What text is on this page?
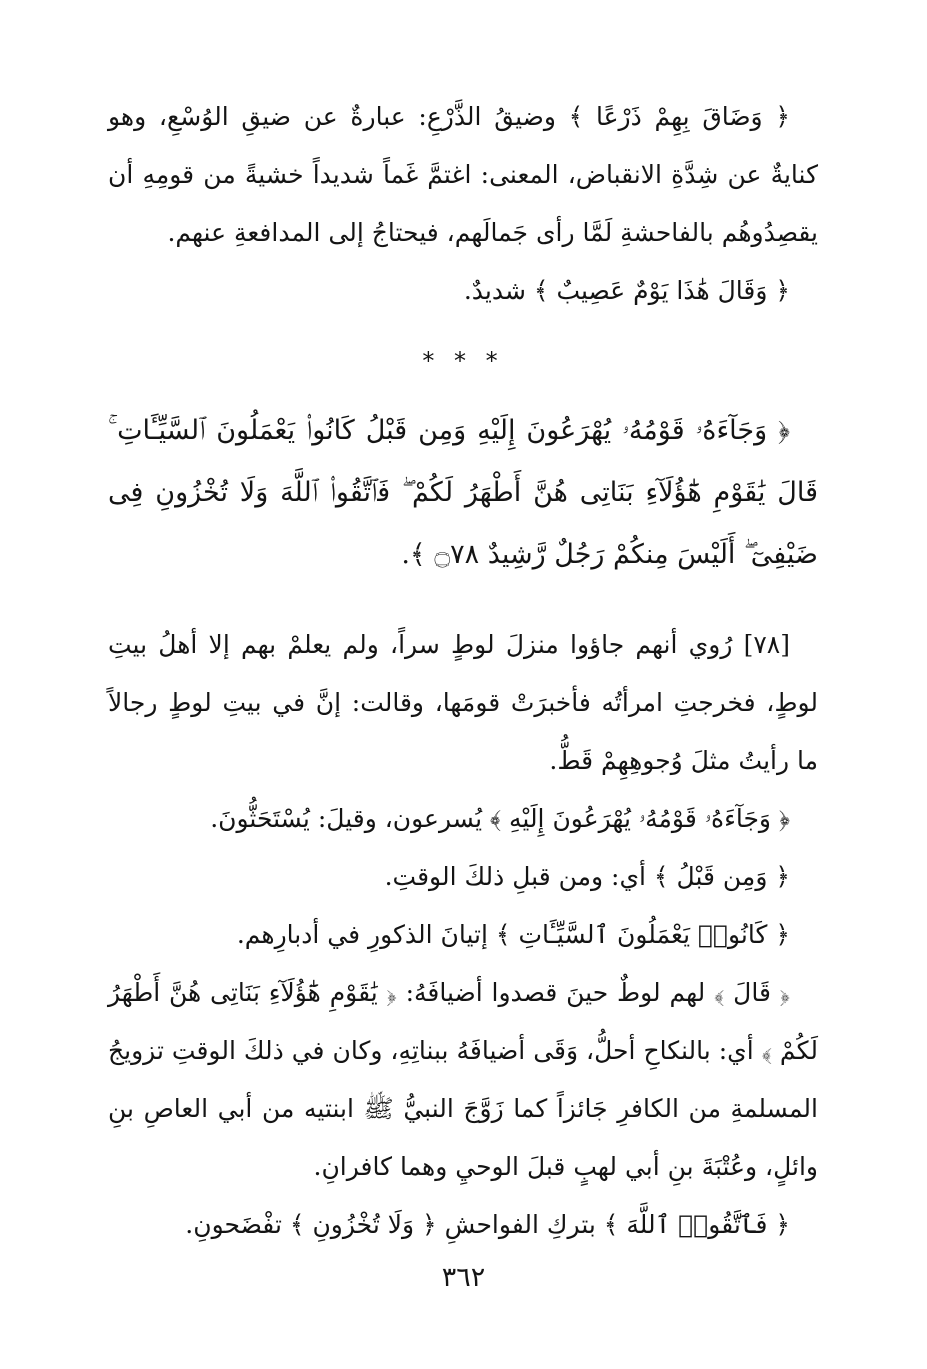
﴿ وَضَاقَ بِهِمْ ذَرْعًا ﴾ وضيقُ الذَّرْعِ: عبارةٌ عن ضيقِ الوُسْعِ، وهو كنايةٌ عن شِدَّةِ الانقباض، المعنى: اغتمَّ غَماً شديداً خشيةً من قومِهِ أن يقصِدُوهُم بالفاحشةِ لَمَّا رأى جَمالَهم، فيحتاجُ إلى المدافعةِ عنهم.

﴿ وَقَالَ هَٰذَا يَوْمٌ عَصِيبٌ ﴾ شديدٌ.

* * *

﴿ وَجَآءَهُۥ قَوْمُهُۥ يُهْرَعُونَ إِلَيْهِ وَمِن قَبْلُ كَانُوا۟ يَعْمَلُونَ ٱلسَّيِّـَٔاتِ ۚ قَالَ يَٰقَوْمِ هَٰٓؤُلَآءِ بَنَاتِى هُنَّ أَطْهَرُ لَكُمْ ۖ فَٱتَّقُوا۟ ٱللَّهَ وَلَا تُخْزُونِ فِى ضَيْفِىٓ ۖ أَلَيْسَ مِنكُمْ رَجُلٌ رَّشِيدٌ ۝٧٨ ﴾.

[٧٨] رُوي أنهم جاؤوا منزلَ لوطٍ سراً، ولم يعلمْ بهم إلا أهلُ بيتِ لوطٍ، فخرجتِ امرأتُه فأخبرَتْ قومَها، وقالت: إنَّ في بيتِ لوطٍ رجالاً ما رأيتُ مثلَ وُجوهِهِمْ قَطُّ.

﴿ وَجَآءَهُۥ قَوْمُهُۥ يُهْرَعُونَ إِلَيْهِ ﴾ يُسرعون، وقيلَ: يُسْتَحَثُّونَ.

﴿ وَمِن قَبْلُ ﴾ أي: ومن قبلِ ذلكَ الوقتِ.

﴿ كَانُوا۟ يَعْمَلُونَ ٱلسَّيِّـَٔاتِ ﴾ إتيانَ الذكورِ في أدبارِهم.

﴿ قَالَ ﴾ لهم لوطٌ حينَ قصدوا أضيافَهُ: ﴿ يَٰقَوْمِ هَٰٓؤُلَآءِ بَنَاتِى هُنَّ أَطْهَرُ لَكُمْ ﴾ أي: بالنكاحِ أحلُّ، وَقَى أضيافَهُ ببناتِهِ، وكان في ذلكَ الوقتِ تزويجُ المسلمةِ من الكافرِ جَائزاً كما زَوَّجَ النبيُّ ﷺ ابنتيه من أبي العاصِ بنِ وائلٍ، وعُتْبَةَ بنِ أبي لهبٍ قبلَ الوحيِ وهما كافرانِ.

﴿ فَٱتَّقُوا۟ ٱللَّهَ ﴾ بتركِ الفواحشِ ﴿ وَلَا تُخْزُونِ ﴾ تفْضَحونِ.

٣٦٢
